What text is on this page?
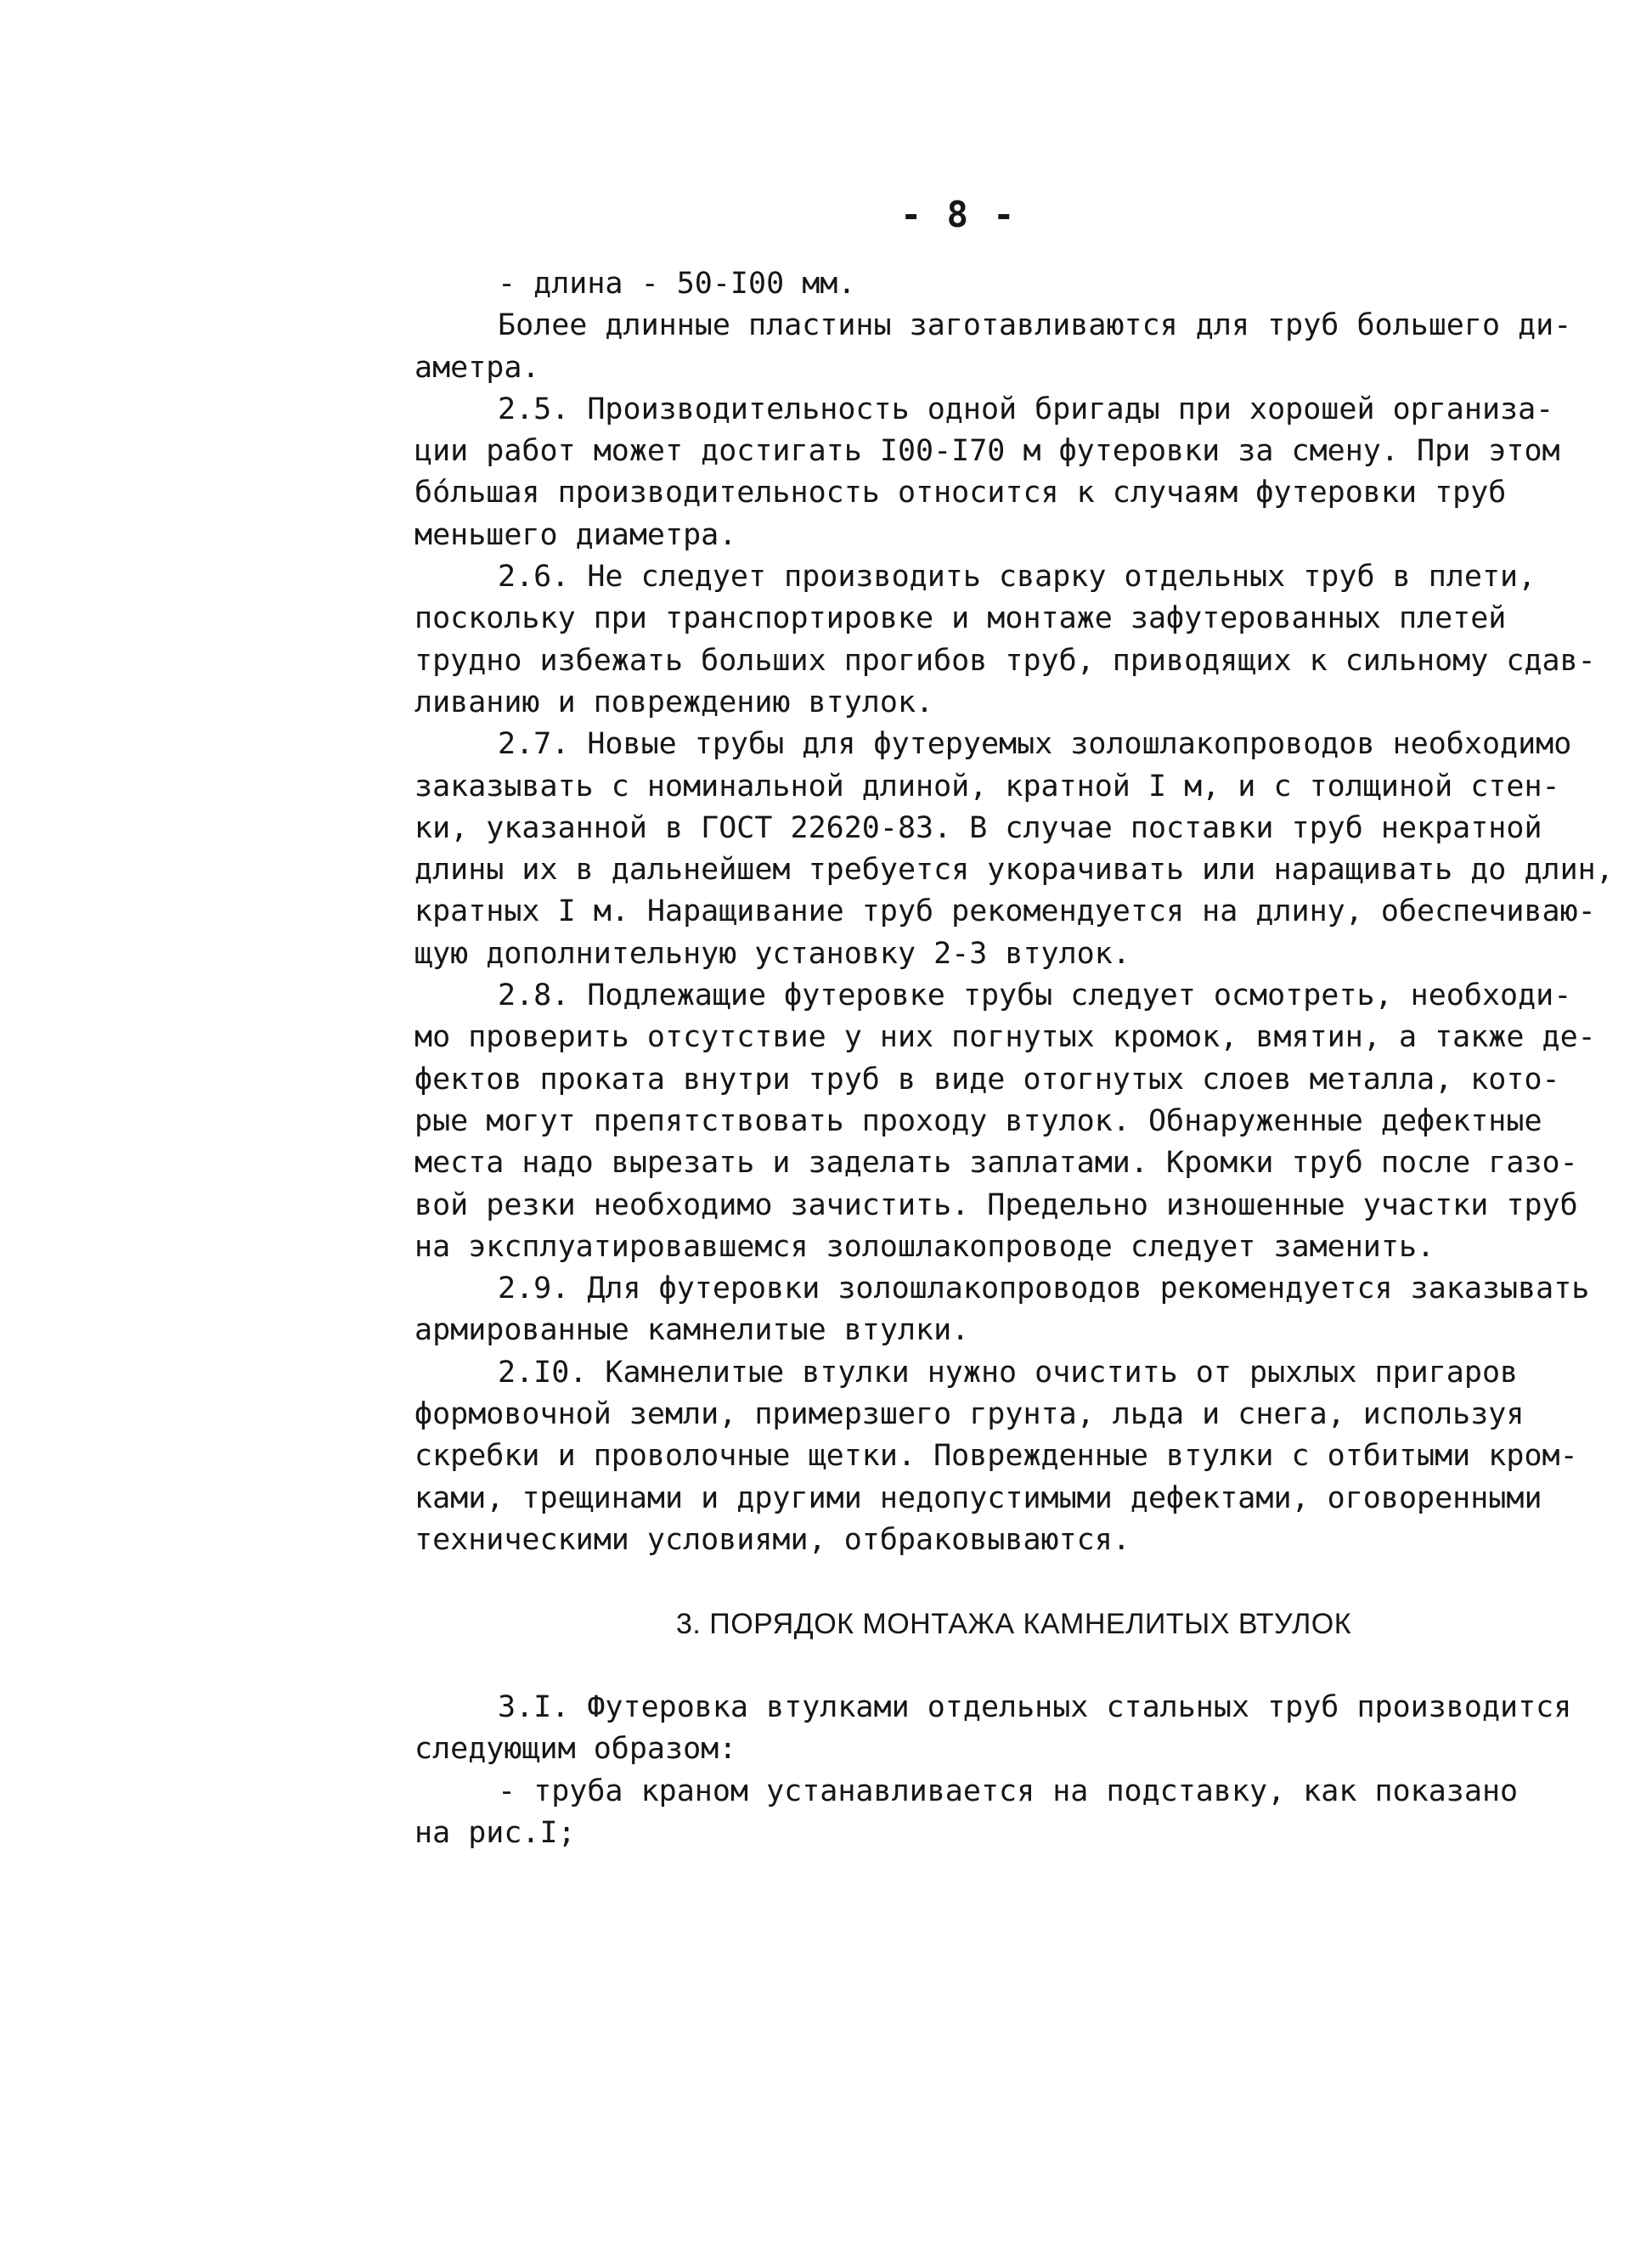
- 8 -
- длина - 50-I00 мм.
Более длинные пластины заготавливаются для труб большего ди-
аметра.
2.5. Производительность одной бригады при хорошей организа-
ции работ может достигать I00-I70 м футеровки за смену. При этом
бóльшая производительность относится к случаям футеровки труб
меньшего диаметра.
2.6. Не следует производить сварку отдельных труб в плети,
поскольку при транспортировке и монтаже зафутерованных плетей
трудно избежать больших прогибов труб, приводящих к сильному сдав-
ливанию и повреждению втулок.
2.7. Новые трубы для футеруемых золошлакопроводов необходимо
заказывать с номинальной длиной, кратной I м, и с толщиной стен-
ки, указанной в ГОСТ 22620-83. В случае поставки труб некратной
длины их в дальнейшем требуется укорачивать или наращивать до длин,
кратных I м. Наращивание труб рекомендуется на длину, обеспечиваю-
щую дополнительную установку 2-3 втулок.
2.8. Подлежащие футеровке трубы следует осмотреть, необходи-
мо проверить отсутствие у них погнутых кромок, вмятин, а также де-
фектов проката внутри труб в виде отогнутых слоев металла, кото-
рые могут препятствовать проходу втулок. Обнаруженные дефектные
места надо вырезать и заделать заплатами. Кромки труб после газо-
вой резки необходимо зачистить. Предельно изношенные участки труб
на эксплуатировавшемся золошлакопроводе следует заменить.
2.9. Для футеровки золошлакопроводов рекомендуется заказывать
армированные камнелитые втулки.
2.I0. Камнелитые втулки нужно очистить от рыхлых пригаров
формовочной земли, примерзшего грунта, льда и снега, используя
скребки и проволочные щетки. Поврежденные втулки с отбитыми кром-
ками, трещинами и другими недопустимыми дефектами, оговоренными
техническими условиями, отбраковываются.
3. ПОРЯДОК МОНТАЖА КАМНЕЛИТЫХ ВТУЛОК
3.I. Футеровка втулками отдельных стальных труб производится
следующим образом:
- труба краном устанавливается на подставку, как показано
на рис.I;
